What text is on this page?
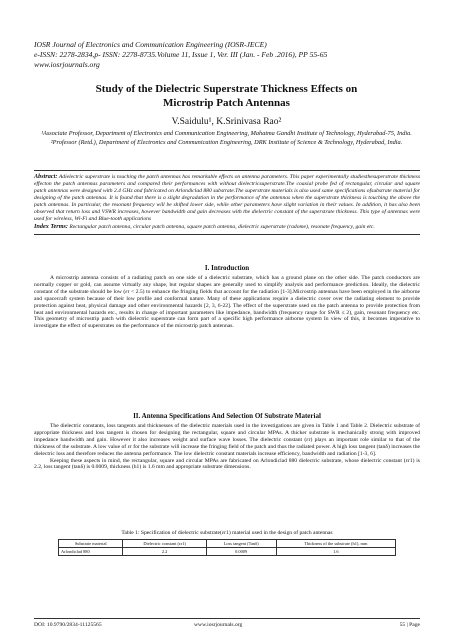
IOSR Journal of Electronics and Communication Engineering (IOSR-JECE)
e-ISSN: 2278-2834,p- ISSN: 2278-8735.Volume 11, Issue 1, Ver. III (Jan. - Feb .2016), PP 55-65
www.iosrjournals.org
Study of the Dielectric Superstrate Thickness Effects on
Microstrip Patch Antennas
V.Saidulu¹, K.Srinivasa Rao²

¹Associate Professor, Department of Electronics and Communication Engineering, Mahatma Gandhi Institute of Technology, Hyderabad-75, India.

²Professor (Retd.), Department of Electronics and Communication Engineering, DRK Institute of Science & Technology, Hyderabad, India.

Abstract: Adielectric superstrate is touching the patch antennas has remarkable effects on antenna parameters. This paper experimentally studiesthesuperstrate thickness effecton the patch antennas parameters and compared their performances with without dielectricsuperstrate.The coaxial probe fed of rectangular, circular and square patch antennas were designed with 2.4 GHz and fabricated on Arlondiclad 880 substrate.The superstrate materials is also used same specifications ofsubstrate material for designing of the patch antennas. It is found that there is a slight degradation in the performance of the antennas when the superstrate thickness is touching the above the patch antennas. In particular, the resonant frequency will be shifted lower side, while other parameters have slight variation in their values. In addition, it has also been observed that return loss and VSWR increases, however bandwidth and gain decreases with the dielectric constant of the superstrate thickness. This type of antennas were used for wireless, Wi-Fi and Blue-tooth applications

Index Terms: Rectangular patch antenna, circular patch antenna, square patch antenna, dielectric superstrate (radome), resonate frequency, gain etc.

I. Introduction

A microstrip antenna consists of a radiating patch on one side of a dielectric substrate, which has a ground plane on the other side. The patch conductors are normally copper or gold, can assume virtually any shape, but regular shapes are generally used to simplify analysis and performance prediction. Ideally, the dielectric constant of the substrate should be low (εr < 2.5) to enhance the fringing fields that account for the radiation [1-3].Microstrip antennas have been employed in the airborne and spacecraft system because of their low profile and conformal nature. Many of these applications require a dielectric cover over the radiating element to provide protection against heat, physical damage and other environmental hazards [2, 3, 6-22]. The effect of the superstrate used on the patch antenna to provide protection from heat and environmental hazards etc., results in change of important parameters like impedance, bandwidth (frequency range for SWR ≤ 2), gain, resonant frequency etc. This geometry of microstrip patch with dielectric superstrate can form part of a specific high performance airborne system In view of this, it becomes imperative to investigate the effect of superstrates on the performance of the microstrip patch antennas.

II. Antenna Specifications And Selection Of Substrate Material

The dielectric constants, loss tangents and thicknesses of the dielectric materials used in the investigations are given in Table 1 and Table 2. Dielectric substrate of appropriate thickness and loss tangent is chosen for designing the rectangular, square and circular MPAs. A thicker substrate is mechanically strong with improved impedance bandwidth and gain. However it also increases weight and surface wave losses. The dielectric constant (εr) plays an important role similar to that of the thickness of the substrate. A low value of εr for the substrate will increase the fringing field of the patch and thus the radiated power. A high loss tangent (tanδ) increases the dielectric loss and therefore reduces the antenna performance. The low dielectric constant materials increase efficiency, bandwidth and radiation [1-3, 6].

Keeping these aspects in mind, the rectangular, square and circular MPAs are fabricated on Arlondiclad 880 dielectric substrate, whose dielectric constant (εr1) is 2.2, loss tangent (tanδ) is 0.0009, thickness (h1) is 1.6 mm and appropriate substrate dimensions.

Table 1: Specification of dielectric substrate(εr1) material used in the design of patch antennas
Substrate material	Dielectric constant (εr1)	Loss tangent (Tanδ)	Thickness of the substrate (h1), mm
Arlondiclad 880	2.2	0.0009	1.6
DOI: 10.9790/2834-11125565	www.iosrjournals.org	55 | Page
